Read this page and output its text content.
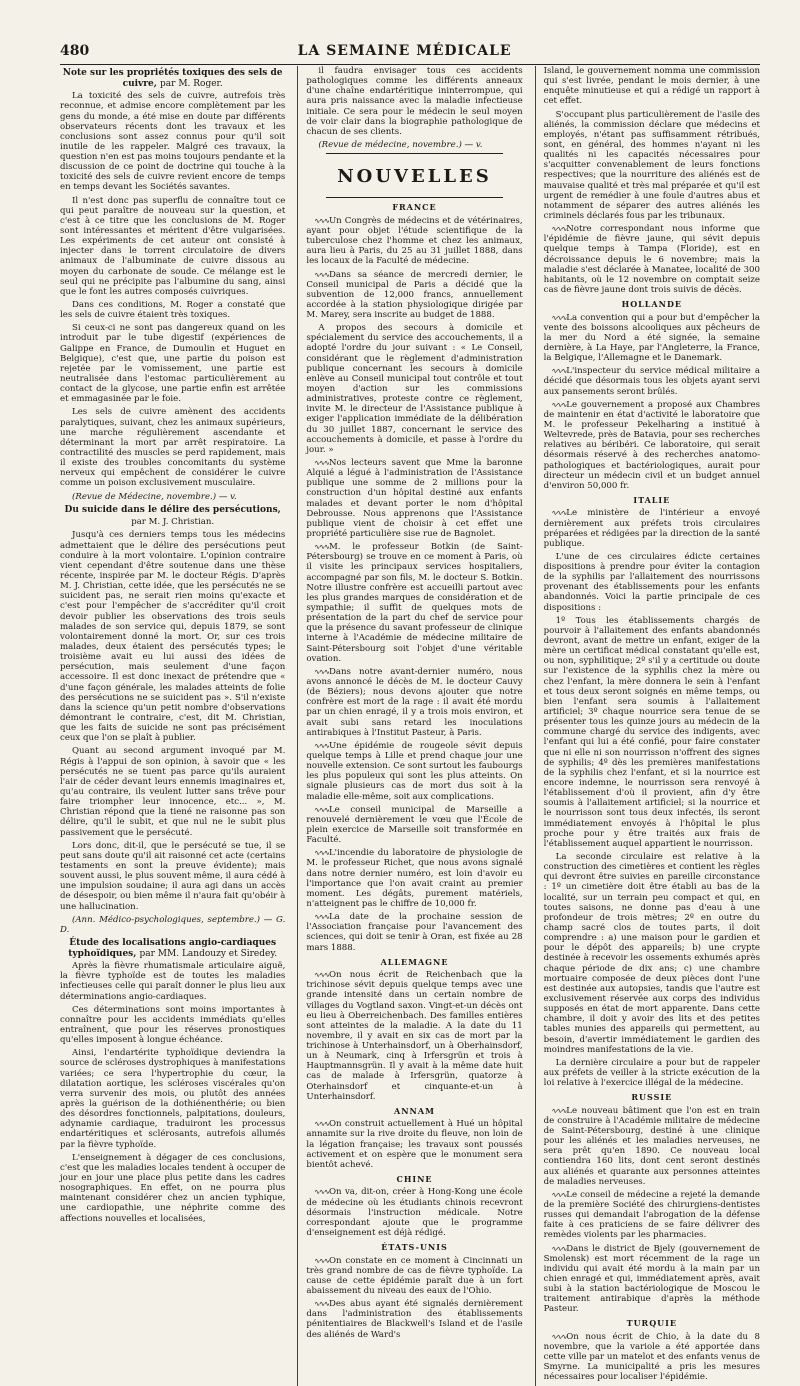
480	LA SEMAINE MÉDICALE
Note sur les propriétés toxiques des sels de cuivre, par M. Roger.

La toxicité des sels de cuivre, autrefois très reconnue, et admise encore complètement par les gens du monde, a été mise en doute par différents observateurs récents dont les travaux et les conclusions sont assez connus pour qu'il soit inutile de les rappeler. Malgré ces travaux, la question n'en est pas moins toujours pendante et la discussion de ce point de doctrine qui touche à la toxicité des sels de cuivre revient encore de temps en temps devant les Sociétés savantes.

Il n'est donc pas superflu de connaître tout ce qui peut paraître de nouveau sur la question, et c'est à ce titre que les conclusions de M. Roger sont intéressantes et méritent d'être vulgarisées. Les expériments de cet auteur ont consisté à injecter dans le torrent circulatoire de divers animaux de l'albuminate de cuivre dissous au moyen du carbonate de soude. Ce mélange est le seul qui ne précipite pas l'albumine du sang, ainsi que le font les autres composés cuivriques.

Dans ces conditions, M. Roger a constaté que les sels de cuivre étaient très toxiques.

Si ceux-ci ne sont pas dangereux quand on les introduit par le tube digestif (expériences de Galippe en France, de Dumoulin et Huguet en Belgique), c'est que, une partie du poison est rejetée par le vomissement, une partie est neutralisée dans l'estomac particulièrement au contact de la glycose, une partie enfin est arrêtée et emmagasinée par le foie.

Les sels de cuivre amènent des accidents paralytiques, suivant, chez les animaux supérieurs, une marche régulièrement ascendante et déterminant la mort par arrêt respiratoire. La contractilité des muscles se perd rapidement, mais il existe des troubles concomitants du système nerveux qui empêchent de considérer le cuivre comme un poison exclusivement musculaire.

(Revue de Médecine, novembre.) — v.

Du suicide dans le délire des persécutions,
par M. J. Christian.

Jusqu'à ces derniers temps tous les médecins admettaient que le délire des persécutions peut conduire à la mort volontaire. L'opinion contraire vient cependant d'être soutenue dans une thèse récente, inspirée par M. le docteur Régis. D'après M. J. Christian, cette idée, que les persécutés ne se suicident pas, ne serait rien moins qu'exacte et c'est pour l'empêcher de s'accréditer qu'il croit devoir publier les observations des trois seuls malades de son service qui, depuis 1879, se sont volontairement donné la mort. Or, sur ces trois malades, deux étaient des persécutés types; le troisième avait eu lui aussi des idées de persécution, mais seulement d'une façon accessoire. Il est donc inexact de prétendre que « d'une façon générale, les malades atteints de folie des persécutions ne se suicident pas ». S'il n'existe dans la science qu'un petit nombre d'observations démontrant le contraire, c'est, dit M. Christian, que les faits de suicide ne sont pas précisément ceux que l'on se plaît à publier.

Quant au second argument invoqué par M. Régis à l'appui de son opinion, à savoir que « les persécutés ne se tuent pas parce qu'ils auraient l'air de céder devant leurs ennemis imaginaires et, qu'au contraire, ils veulent lutter sans trêve pour faire triompher leur innocence, etc... », M. Christian répond que la tiené ne raisonne pas son délire, qu'il le subit, et que nul ne le subit plus passivement que le persécuté.

Lors donc, dit-il, que le persécuté se tue, il se peut sans doute qu'il ait raisonné cet acte (certains testaments en sont la preuve évidente); mais souvent aussi, le plus souvent même, il aura cédé à une impulsion soudaine; il aura agi dans un accès de désespoir, ou bien même il n'aura fait qu'obéir à une hallucination.

(Ann. Médico-psychologiques, septembre.) — G. D.

Étude des localisations angio-cardiaques typhoïdiques, par MM. Landouzy et Siredey.

Après la fièvre rhumatismale articulaire aiguë, la fièvre typhoïde est de toutes les maladies infectieuses celle qui paraît donner le plus lieu aux déterminations angio-cardiaques.

Ces déterminations sont moins importantes à connaître pour les accidents immédiats qu'elles entraînent, que pour les réserves pronostiques qu'elles imposent à longue échéance.

Ainsi, l'endartérite typhoïdique deviendra la source de scléroses dystrophiques à manifestations variées; ce sera l'hypertrophie du cœur, la dilatation aortique, les scléroses viscérales qu'on verra survenir des mois, ou plutôt des années après la guérison de la dothiénenthérie; ou bien des désordres fonctionnels, palpitations, douleurs, adynamie cardiaque, traduiront les processus endartéritiques et sclérosants, autrefois allumés par la fièvre typhoïde.

L'enseignement à dégager de ces conclusions, c'est que les maladies locales tendent à occuper de jour en jour une place plus petite dans les cadres nosographiques. En effet, on ne pourra plus maintenant considérer chez un ancien typhique, une cardiopathie, une néphrite comme des affections nouvelles et localisées,

il faudra envisager tous ces accidents pathologiques comme les différents anneaux d'une chaîne endartéritique ininterrompue, qui aura pris naissance avec la maladie infectieuse initiale. Ce sera pour le médecin le seul moyen de voir clair dans la biographie pathologique de chacun de ses clients.

(Revue de médecine, novembre.) — v.

NOUVELLES
FRANCE

∿∿∿ Un Congrès de médecins et de vétérinaires, ayant pour objet l'étude scientifique de la tuberculose chez l'homme et chez les animaux, aura lieu à Paris, du 25 au 31 juillet 1888, dans les locaux de la Faculté de médecine.

∿∿∿ Dans sa séance de mercredi dernier, le Conseil municipal de Paris a décidé que la subvention de 12,000 francs, annuellement accordée à la station physiologique dirigée par M. Marey, sera inscrite au budget de 1888.

A propos des secours à domicile et spécialement du service des accouchements, il a adopté l'ordre du jour suivant : « Le Conseil, considérant que le règlement d'administration publique concernant les secours à domicile enlève au Conseil municipal tout contrôle et tout moyen d'action sur les commissions administratives, proteste contre ce règlement, invite M. le directeur de l'Assistance publique à exiger l'application immédiate de la délibération du 30 juillet 1887, concernant le service des accouchements à domicile, et passe à l'ordre du jour. »

∿∿∿ Nos lecteurs savent que Mme la baronne Alquié a légué à l'administration de l'Assistance publique une somme de 2 millions pour la construction d'un hôpital destiné aux enfants malades et devant porter le nom d'hôpital Debrousse. Nous apprenons que l'Assistance publique vient de choisir à cet effet une propriété particulière sise rue de Bagnolet.

∿∿∿ M. le professeur Botkin (de Saint-Pétersbourg) se trouve en ce moment à Paris, où il visite les principaux services hospitaliers, accompagné par son fils, M. le docteur S. Botkin. Notre illustre confrère est accueilli partout avec les plus grandes marques de considération et de sympathie; il suffit de quelques mots de présentation de la part du chef de service pour que la présence du savant professeur de clinique interne à l'Académie de médecine militaire de Saint-Pétersbourg soit l'objet d'une véritable ovation.

∿∿∿ Dans notre avant-dernier numéro, nous avons annoncé le décès de M. le docteur Cauvy (de Béziers); nous devons ajouter que notre confrère est mort de la rage : il avait été mordu par un chien enragé, il y a trois mois environ, et avait subi sans retard les inoculations antirabiques à l'Institut Pasteur, à Paris.

∿∿∿ Une épidémie de rougeole sévit depuis quelque temps à Lille et prend chaque jour une nouvelle extension. Ce sont surtout les faubourgs les plus populeux qui sont les plus atteints. On signale plusieurs cas de mort dus soit à la maladie elle-même, soit aux complications.

∿∿∿ Le conseil municipal de Marseille a renouvelé dernièrement le vœu que l'École de plein exercice de Marseille soit transformée en Faculté.

∿∿∿ L'incendie du laboratoire de physiologie de M. le professeur Richet, que nous avons signalé dans notre dernier numéro, est loin d'avoir eu l'importance que l'on avait craint au premier moment. Les dégâts, purement matériels, n'atteignent pas le chiffre de 10,000 fr.

∿∿∿ La date de la prochaine session de l'Association française pour l'avancement des sciences, qui doit se tenir à Oran, est fixée au 28 mars 1888.

ALLEMAGNE

∿∿∿ On nous écrit de Reichenbach que la trichinose sévit depuis quelque temps avec une grande intensité dans un certain nombre de villages du Vogtland saxon. Vingt-et-un décès ont eu lieu à Oberreichenbach. Des familles entières sont atteintes de la maladie. A la date du 11 novembre, il y avait en six cas de mort par la trichinose à Unterhainsdorf, un à Oberhainsdorf, un à Neumark, cinq à Irfersgrün et trois à Hauptmannsgrün. Il y avait à la même date huit cas de malade à Irfersgrün, quatorze à Oterhainsdorf et cinquante-et-un à Unterhainsdorf.

ANNAM

∿∿∿ On construit actuellement à Hué un hôpital annamite sur la rive droite du fleuve, non loin de la légation française; les travaux sont poussés activement et on espère que le monument sera bientôt achevé.

CHINE

∿∿∿ On va, dit-on, créer à Hong-Kong une école de médecine où les étudiants chinois recevront désormais l'instruction médicale. Notre correspondant ajoute que le programme d'enseignement est déjà rédigé.

ÉTATS-UNIS

∿∿∿ On constate en ce moment à Cincinnati un très grand nombre de cas de fièvre typhoïde. La cause de cette épidémie paraît due à un fort abaissement du niveau des eaux de l'Ohio.

∿∿∿ Des abus ayant été signalés dernièrement dans l'administration des établissements pénitentiaires de Blackwell's Island et de l'asile des aliénés de Ward's

Island, le gouvernement nomma une commission qui s'est livrée, pendant le mois dernier, à une enquête minutieuse et qui a rédigé un rapport à cet effet.

S'occupant plus particulièrement de l'asile des aliénés, la commission déclare que médecins et employés, n'étant pas suffisamment rétribués, sont, en général, des hommes n'ayant ni les qualités ni les capacités nécessaires pour s'acquitter convenablement de leurs fonctions respectives; que la nourriture des aliénés est de mauvaise qualité et très mal préparée et qu'il est urgent de remédier à une foule d'autres abus et notamment de séparer des autres aliénés les criminels déclarés fous par les tribunaux.

∿∿∿ Notre correspondant nous informe que l'épidémie de fièvre jaune, qui sévit depuis quelque temps à Tampa (Floride), est en décroissance depuis le 6 novembre; mais la maladie s'est déclarée à Manatee, localité de 300 habitants, où le 12 novembre on comptait seize cas de fièvre jaune dont trois suivis de décès.

HOLLANDE

∿∿∿ La convention qui a pour but d'empêcher la vente des boissons alcooliques aux pêcheurs de la mer du Nord a été signée, la semaine dernière, à La Haye, par l'Angleterre, la France, la Belgique, l'Allemagne et le Danemark.

∿∿∿ L'inspecteur du service médical militaire a décidé que désormais tous les objets ayant servi aux pansements seront brûlés.

∿∿∿ Le gouvernement a proposé aux Chambres de maintenir en état d'activité le laboratoire que M. le professeur Pekelharing a institué à Weltevrede, près de Batavia, pour ses recherches relatives au béribéri. Ce laboratoire, qui serait désormais réservé à des recherches anatomo-pathologiques et bactériologiques, aurait pour directeur un médecin civil et un budget annuel d'environ 50,000 fr.

ITALIE

∿∿∿ Le ministère de l'intérieur a envoyé dernièrement aux préfets trois circulaires préparées et rédigées par la direction de la santé publique.

L'une de ces circulaires édicte certaines dispositions à prendre pour éviter la contagion de la syphilis par l'allaitement des nourrissons provenant des établissements pour les enfants abandonnés. Voici la partie principale de ces dispositions :

1º Tous les établissements chargés de pourvoir à l'allaitement des enfants abandonnés devront, avant de mettre un enfant, exiger de la mère un certificat médical constatant qu'elle est, ou non, syphilitique; 2º s'il y a certitude ou doute sur l'existence de la syphilis chez la mère ou chez l'enfant, la mère donnera le sein à l'enfant et tous deux seront soignés en même temps, ou bien l'enfant sera soumis à l'allaitement artificiel; 3º chaque nourrice sera tenue de se présenter tous les quinze jours au médecin de la commune chargé du service des indigents, avec l'enfant qui lui a été confié, pour faire constater que ni elle ni son nourrisson n'offrent des signes de syphilis; 4º dès les premières manifestations de la syphilis chez l'enfant, et si la nourrice est encore indemne, le nourrisson sera renvoyé à l'établissement d'où il provient, afin d'y être soumis à l'allaitement artificiel; si la nourrice et le nourrisson sont tous deux infectés, ils seront immédiatement envoyés à l'hôpital le plus proche pour y être traités aux frais de l'établissement auquel appartient le nourrisson.

La seconde circulaire est relative à la construction des cimetières et contient les règles qui devront être suivies en pareille circonstance : 1º un cimetière doit être établi au bas de la localité, sur un terrain peu compact et qui, en toutes saisons, ne donne pas d'eau à une profondeur de trois mètres; 2º en outre du champ sacré clos de toutes parts, il doit comprendre : a) une maison pour le gardien et pour le dépôt des appareils; b) une crypte destinée à recevoir les ossements exhumés après chaque période de dix ans; c) une chambre mortuaire composée de deux pièces dont l'une est destinée aux autopsies, tandis que l'autre est exclusivement réservée aux corps des individus supposés en état de mort apparente. Dans cette chambre, il doit y avoir des lits et des petites tables munies des appareils qui permettent, au besoin, d'avertir immédiatement le gardien des moindres manifestations de la vie.

La dernière circulaire a pour but de rappeler aux préfets de veiller à la stricte exécution de la loi relative à l'exercice illégal de la médecine.

RUSSIE

∿∿∿ Le nouveau bâtiment que l'on est en train de construire à l'Académie militaire de médecine de Saint-Pétersbourg, destiné à une clinique pour les aliénés et les maladies nerveuses, ne sera prêt qu'en 1890. Ce nouveau local contiendra 160 lits, dont cent seront destinés aux aliénés et quarante aux personnes atteintes de maladies nerveuses.

∿∿∿ Le conseil de médecine a rejeté la demande de la première Société des chirurgiens-dentistes russes qui demandait l'abrogation de la défense faite à ces praticiens de se faire délivrer des remèdes violents par les pharmacies.

∿∿∿ Dans le district de Bjely (gouvernement de Smolensk) est mort récemment de la rage un individu qui avait été mordu à la main par un chien enragé et qui, immédiatement après, avait subi à la station bactériologique de Moscou le traitement antirabique d'après la méthode Pasteur.

TURQUIE

∿∿∿ On nous écrit de Chio, à la date du 8 novembre, que la variole a été apportée dans cette ville par un matelot et des enfants venus de Smyrne. La municipalité a pris les mesures nécessaires pour localiser l'épidémie.
